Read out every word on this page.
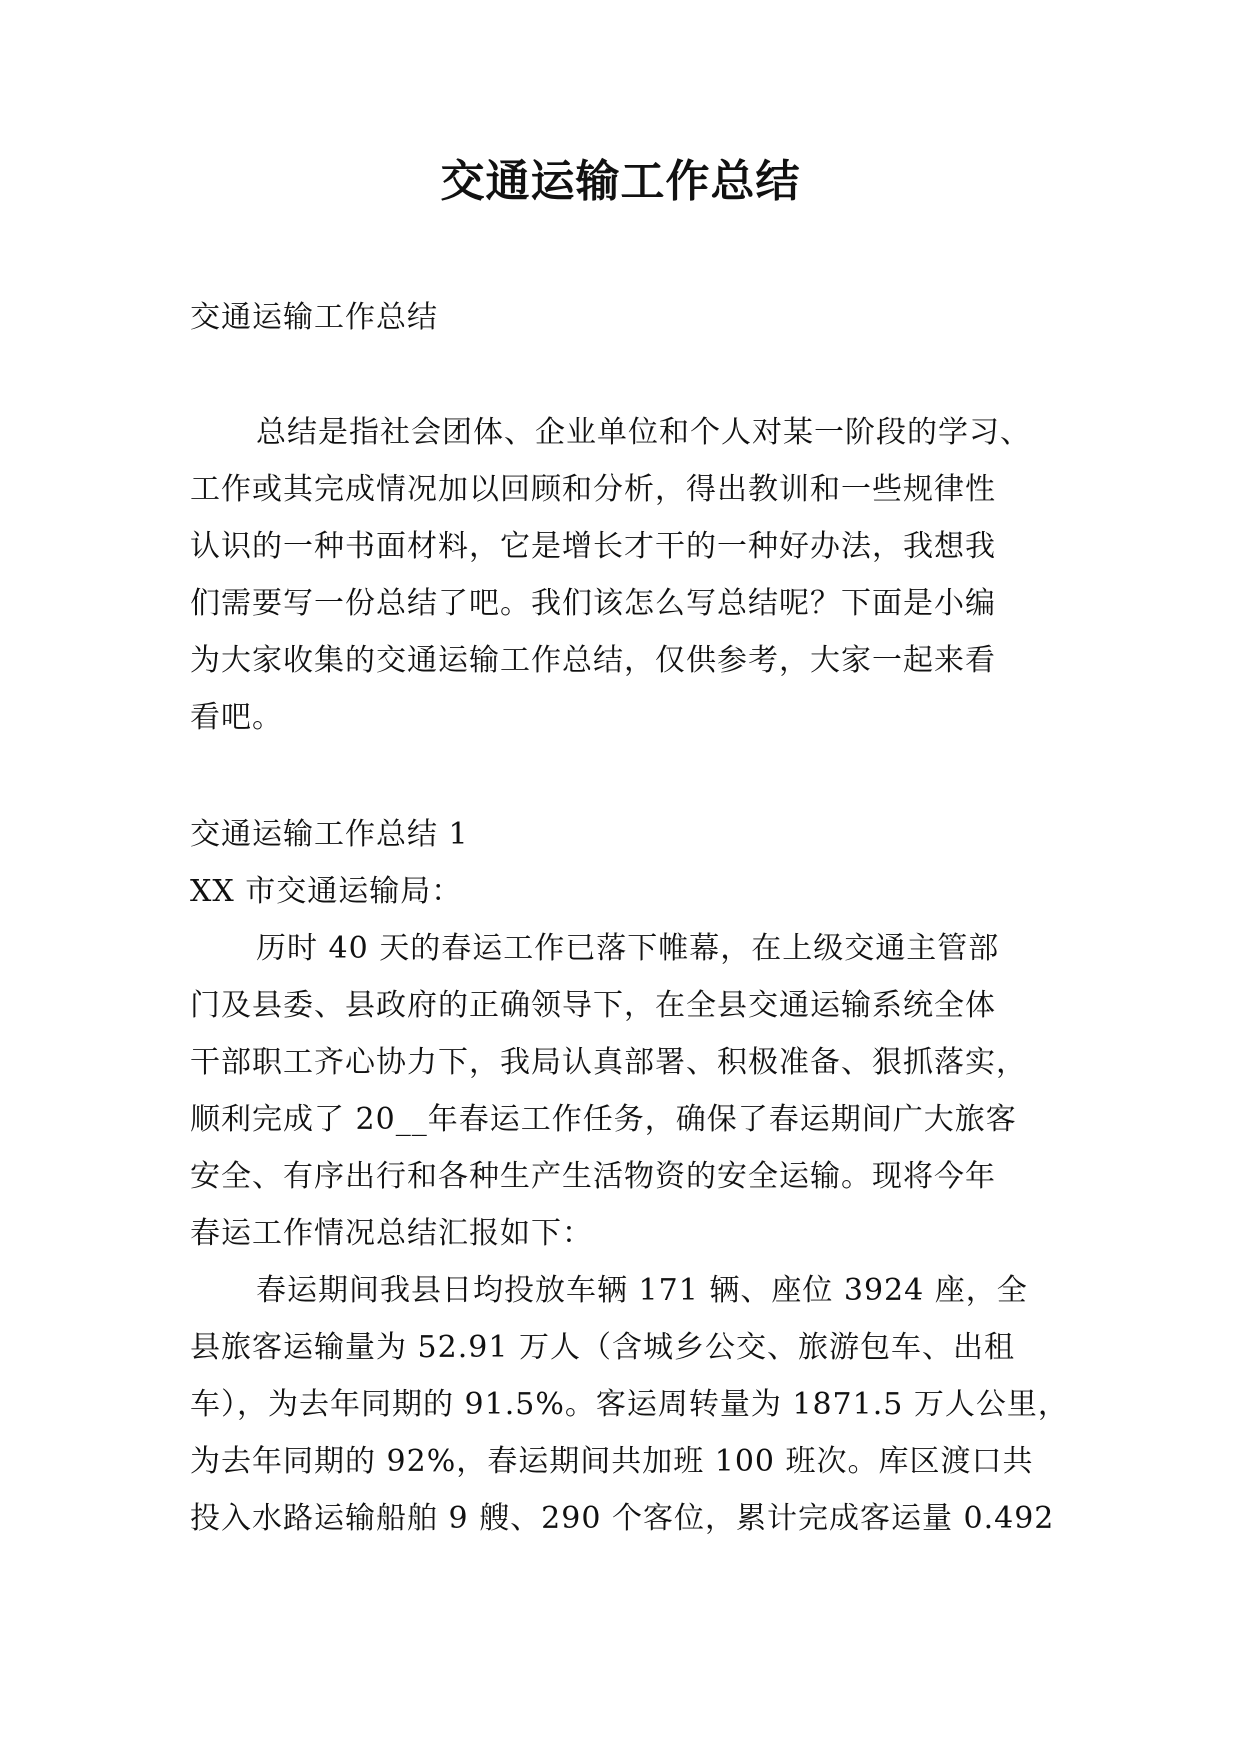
交通运输工作总结
交通运输工作总结
总结是指社会团体、企业单位和个人对某一阶段的学习、
工作或其完成情况加以回顾和分析，得出教训和一些规律性
认识的一种书面材料，它是增长才干的一种好办法，我想我
们需要写一份总结了吧。我们该怎么写总结呢？下面是小编
为大家收集的交通运输工作总结，仅供参考，大家一起来看
看吧。
交通运输工作总结 1
XX 市交通运输局：
历时 40 天的春运工作已落下帷幕，在上级交通主管部
门及县委、县政府的正确领导下，在全县交通运输系统全体
干部职工齐心协力下，我局认真部署、积极准备、狠抓落实，
顺利完成了 20__年春运工作任务，确保了春运期间广大旅客
安全、有序出行和各种生产生活物资的安全运输。现将今年
春运工作情况总结汇报如下：
春运期间我县日均投放车辆 171 辆、座位 3924 座，全
县旅客运输量为 52.91 万人（含城乡公交、旅游包车、出租
车），为去年同期的 91.5%。客运周转量为 1871.5 万人公里，
为去年同期的 92%，春运期间共加班 100 班次。库区渡口共
投入水路运输船舶 9 艘、290 个客位，累计完成客运量 0.492
